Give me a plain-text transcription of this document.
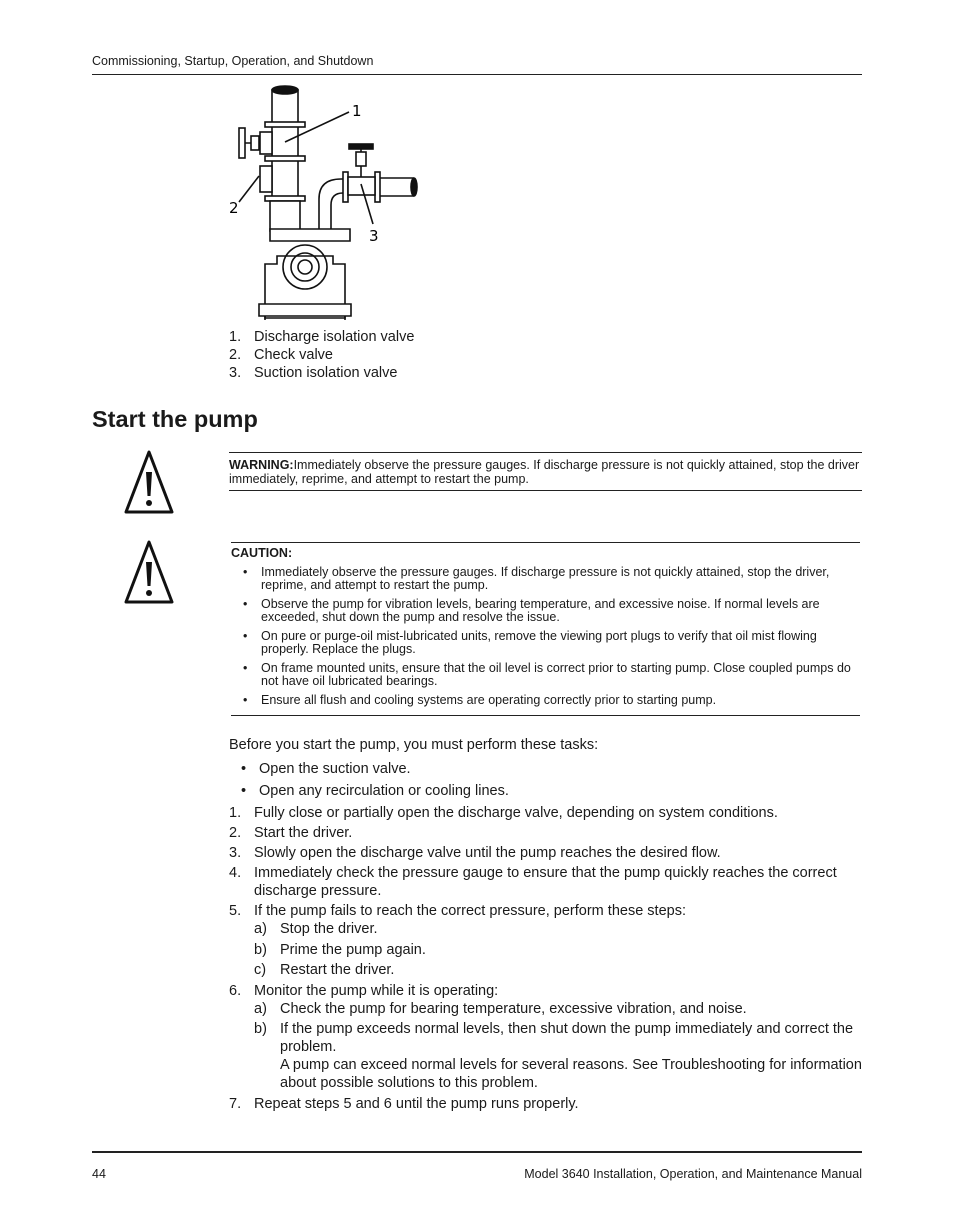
Commissioning, Startup, Operation, and Shutdown
1
2
3
1. Discharge isolation valve
2. Check valve
3. Suction isolation valve
Start the pump
WARNING:Immediately observe the pressure gauges. If discharge pressure is not quickly attained, stop the driver immediately, reprime, and attempt to restart the pump.
CAUTION:
• Immediately observe the pressure gauges. If discharge pressure is not quickly attained, stop the driver, reprime, and attempt to restart the pump.
• Observe the pump for vibration levels, bearing temperature, and excessive noise. If normal levels are exceeded, shut down the pump and resolve the issue.
• On pure or purge-oil mist-lubricated units, remove the viewing port plugs to verify that oil mist flowing properly. Replace the plugs.
• On frame mounted units, ensure that the oil level is correct prior to starting pump. Close coupled pumps do not have oil lubricated bearings.
• Ensure all flush and cooling systems are operating correctly prior to starting pump.

Before you start the pump, you must perform these tasks:

• Open the suction valve.
• Open any recirculation or cooling lines.
1. Fully close or partially open the discharge valve, depending on system conditions.
2. Start the driver.
3. Slowly open the discharge valve until the pump reaches the desired flow.
4. Immediately check the pressure gauge to ensure that the pump quickly reaches the correct discharge pressure.
5. If the pump fails to reach the correct pressure, perform these steps:
a) Stop the driver.
b) Prime the pump again.
c) Restart the driver.
6. Monitor the pump while it is operating:
a) Check the pump for bearing temperature, excessive vibration, and noise.
b) If the pump exceeds normal levels, then shut down the pump immediately and correct the problem.
A pump can exceed normal levels for several reasons. See Troubleshooting for information about possible solutions to this problem.
7. Repeat steps 5 and 6 until the pump runs properly.
44	Model 3640 Installation, Operation, and Maintenance Manual
